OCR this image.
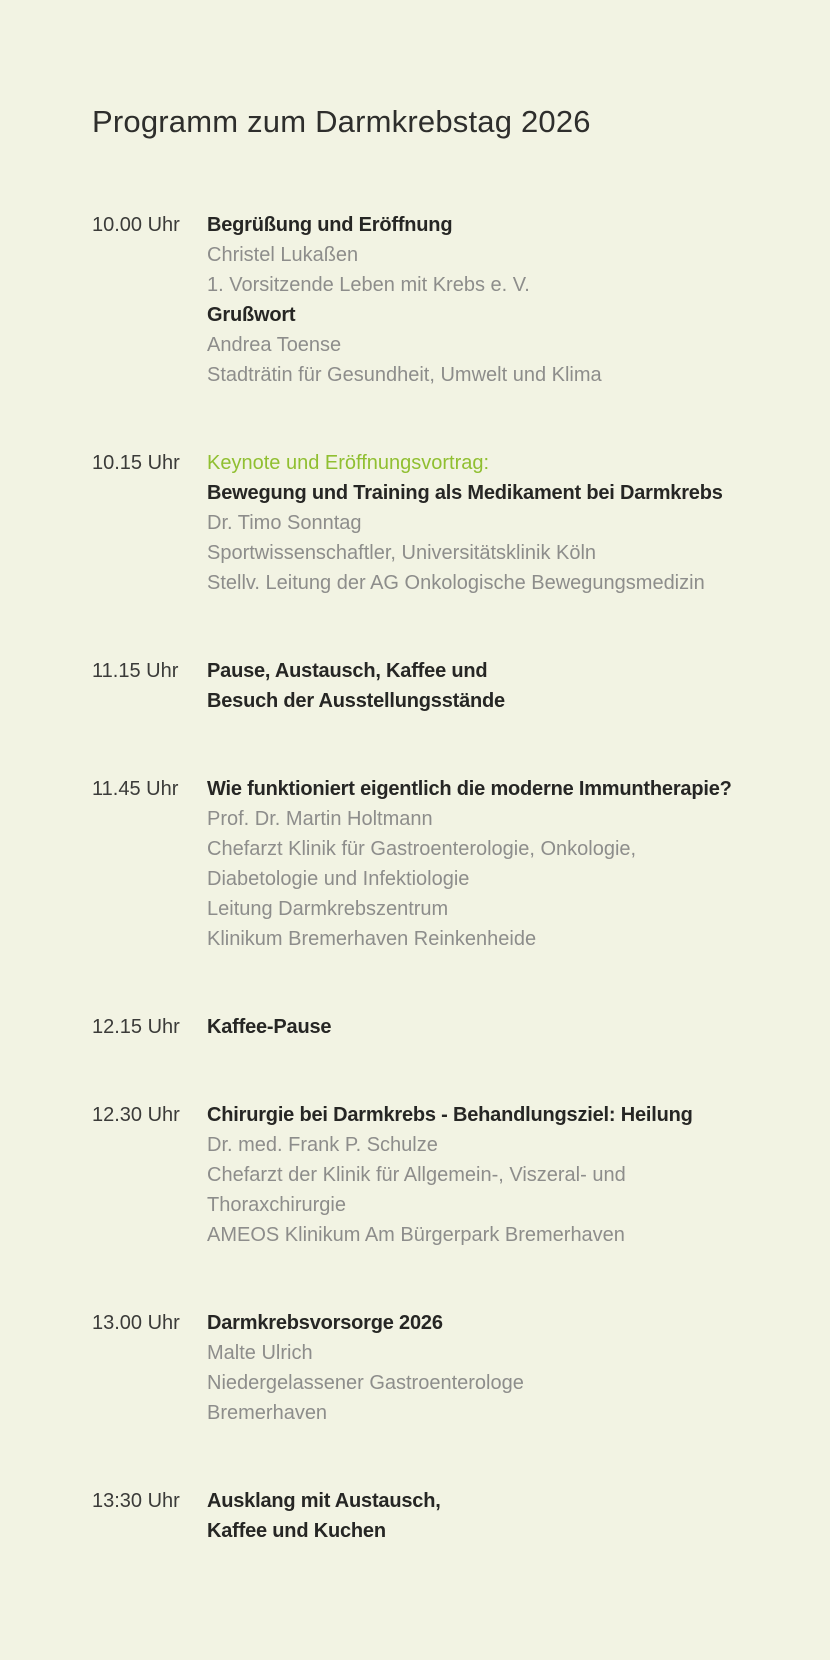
Programm zum Darmkrebstag 2026
10.00 Uhr	Begrüßung und Eröffnung
Christel Lukaßen
1. Vorsitzende Leben mit Krebs e. V.
Grußwort
Andrea Toense
Stadträtin für Gesundheit, Umwelt und Klima
10.15 Uhr	Keynote und Eröffnungsvortrag:
Bewegung und Training als Medikament bei Darmkrebs
Dr. Timo Sonntag
Sportwissenschaftler, Universitätsklinik Köln
Stellv. Leitung der AG Onkologische Bewegungsmedizin
11.15 Uhr	Pause, Austausch, Kaffee und
Besuch der Ausstellungsstände
11.45 Uhr	Wie funktioniert eigentlich die moderne Immuntherapie?
Prof. Dr. Martin Holtmann
Chefarzt Klinik für Gastroenterologie, Onkologie,
Diabetologie und Infektiologie
Leitung Darmkrebszentrum
Klinikum Bremerhaven Reinkenheide
12.15 Uhr	Kaffee-Pause
12.30 Uhr	Chirurgie bei Darmkrebs - Behandlungsziel: Heilung
Dr. med. Frank P. Schulze
Chefarzt der Klinik für Allgemein-, Viszeral- und
Thoraxchirurgie
AMEOS Klinikum Am Bürgerpark Bremerhaven
13.00 Uhr	Darmkrebsvorsorge 2026
Malte Ulrich
Niedergelassener Gastroenterologe
Bremerhaven
13:30 Uhr	Ausklang mit Austausch,
Kaffee und Kuchen
